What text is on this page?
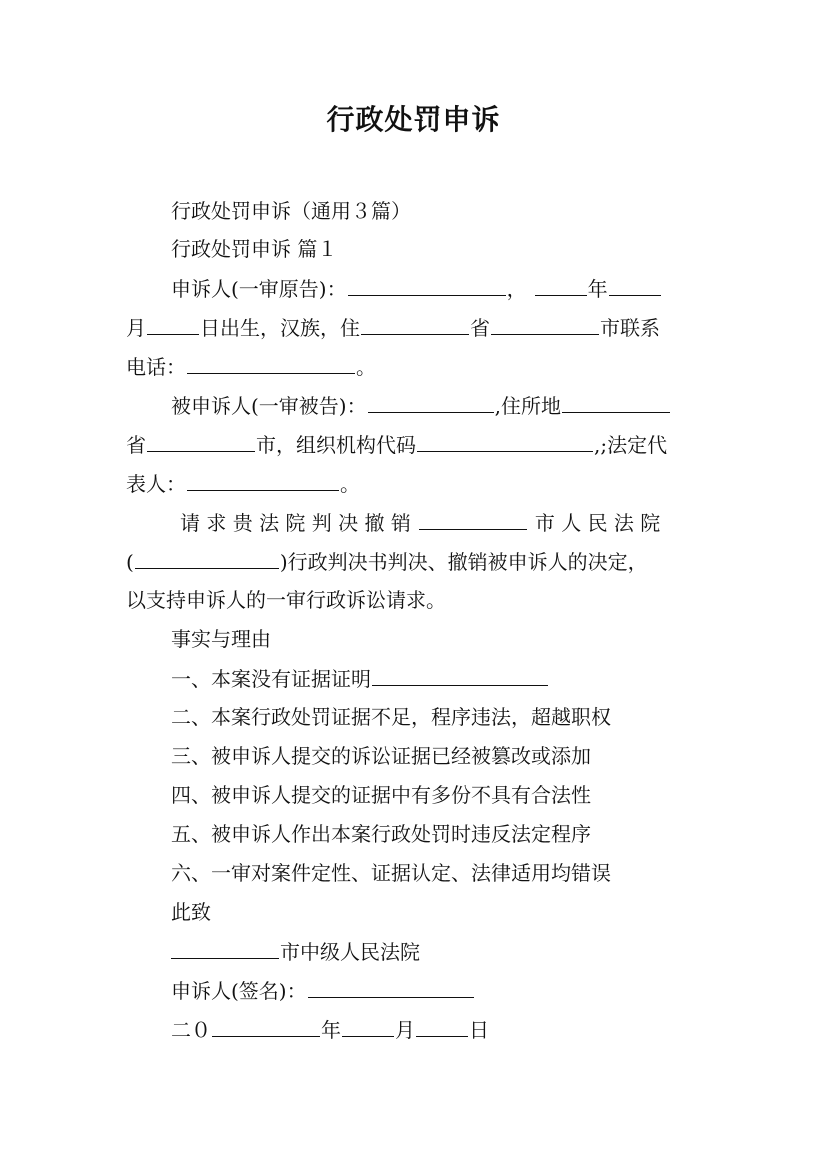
行政处罚申诉
行政处罚申诉（通用３篇）
行政处罚申诉 篇１
申诉人(一审原告)：	，	年
月	日出生，汉族，住	省	市联系
电话：	。
被申诉人(一审被告)：	,住所地
省	市，组织机构代码	,;法定代
表人：	。
请 求 贵 法 院 判 决 撤 销	市 人 民 法 院
(	)行政判决书判决、撤销被申诉人的决定，
以支持申诉人的一审行政诉讼请求。
事实与理由
一、本案没有证据证明
二、本案行政处罚证据不足，程序违法，超越职权
三、被申诉人提交的诉讼证据已经被篡改或添加
四、被申诉人提交的证据中有多份不具有合法性
五、被申诉人作出本案行政处罚时违反法定程序
六、一审对案件定性、证据认定、法律适用均错误
此致
市中级人民法院
申诉人(签名)：
二０	年	月	日
